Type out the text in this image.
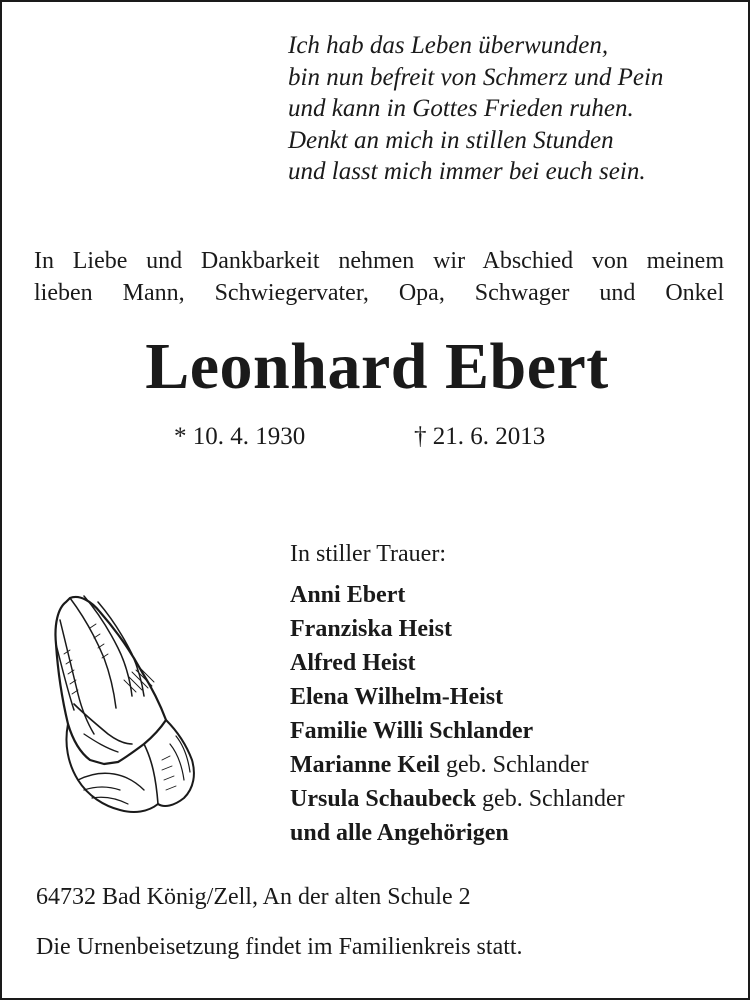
Ich hab das Leben überwunden,
bin nun befreit von Schmerz und Pein
und kann in Gottes Frieden ruhen.
Denkt an mich in stillen Stunden
und lasst mich immer bei euch sein.
In Liebe und Dankbarkeit nehmen wir Abschied von meinem
lieben Mann, Schwiegervater, Opa, Schwager und Onkel
Leonhard Ebert
* 10. 4. 1930	† 21. 6. 2013
In stiller Trauer:
Anni Ebert
Franziska Heist
Alfred Heist
Elena Wilhelm-Heist
Familie Willi Schlander
Marianne Keil geb. Schlander
Ursula Schaubeck geb. Schlander
und alle Angehörigen
64732 Bad König/Zell, An der alten Schule 2
Die Urnenbeisetzung findet im Familienkreis statt.
